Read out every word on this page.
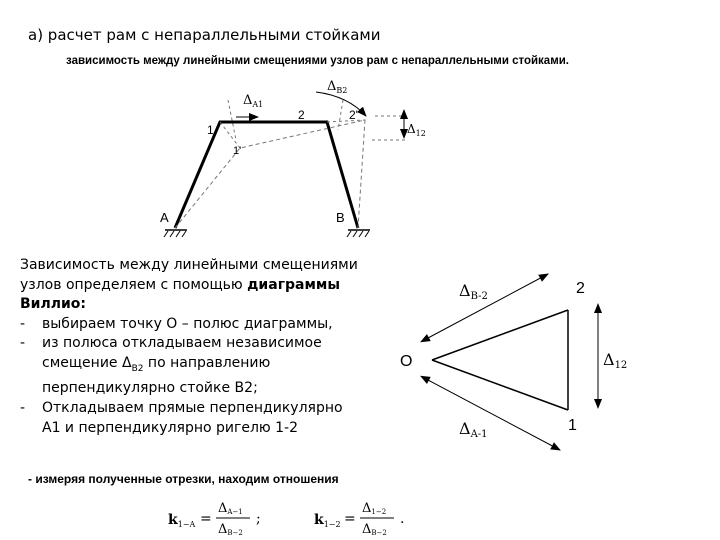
а) расчет рам с непараллельными стойками
зависимость между линейными смещениями узлов рам с непараллельными стойками.
1
2
1'
2'
A	B
$\Delta_{A1}$
$\Delta_{B2}$
$\Delta_{12}$
O
2
1
ΔB-2
ΔA-1
Δ12
$k_{1-A}$ =
ΔA−1
ΔB−2
;	$k_{1-2}$ =
Δ1−2
ΔB−2
.
Зависимость между линейными смещениями узлов определяем с помощью диаграммы Виллио:
-	выбираем точку О – полюс диаграммы,
-	из полюса откладываем независимое смещение $\Delta_{В2}$ по направлению перпендикулярно стойке В2;
-	Откладываем прямые перпендикулярно А1 и перпендикулярно ригелю 1-2
- измеряя полученные отрезки, находим отношения
